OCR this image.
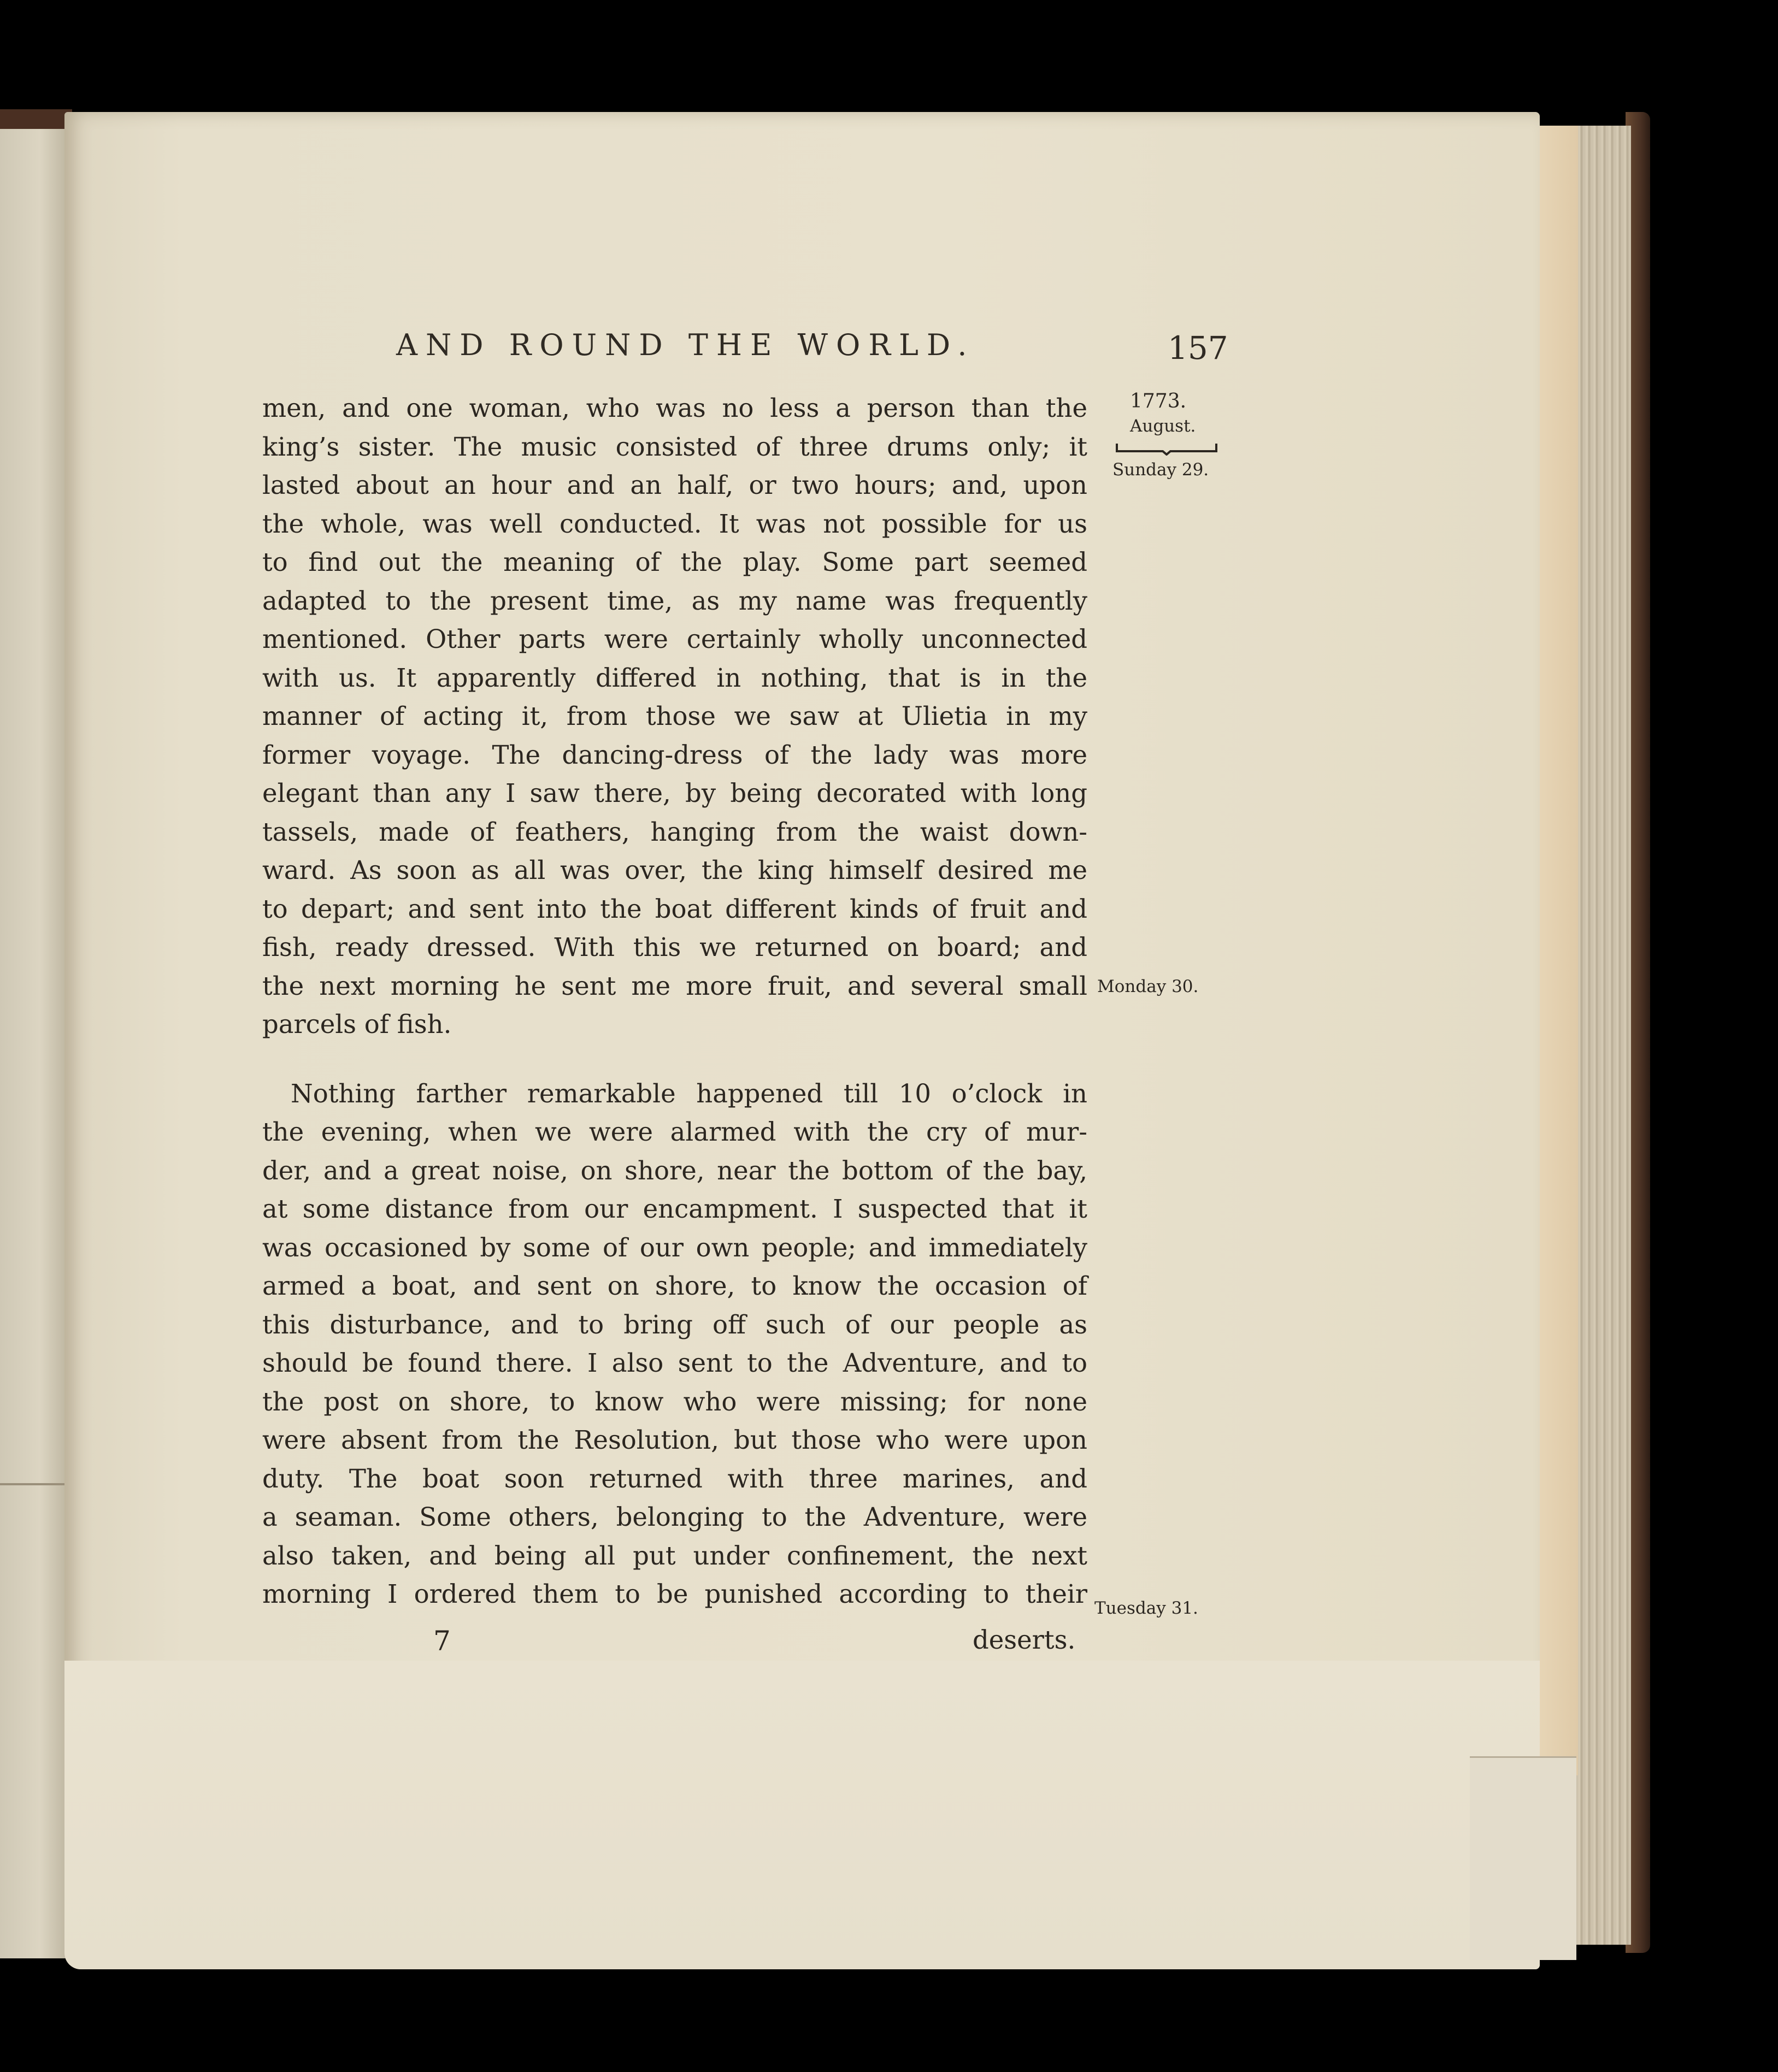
AND ROUND THE WORLD.	157
1773.
August.
Sunday 29.
Monday 30.
Tuesday 31.
men, and one woman, who was no less a person than the
king’s sister. The music consisted of three drums only; it
lasted about an hour and an half, or two hours; and, upon
the whole, was well conducted. It was not possible for us
to find out the meaning of the play. Some part seemed
adapted to the present time, as my name was frequently
mentioned. Other parts were certainly wholly unconnected
with us. It apparently differed in nothing, that is in the
manner of acting it, from those we saw at Ulietia in my
former voyage. The dancing-dress of the lady was more
elegant than any I saw there, by being decorated with long
tassels, made of feathers, hanging from the waist down-
ward. As soon as all was over, the king himself desired me
to depart; and sent into the boat different kinds of fruit and
fish, ready dressed. With this we returned on board; and
the next morning he sent me more fruit, and several small
parcels of fish.
Nothing farther remarkable happened till 10 o’clock in
the evening, when we were alarmed with the cry of mur-
der, and a great noise, on shore, near the bottom of the bay,
at some distance from our encampment. I suspected that it
was occasioned by some of our own people; and immediately
armed a boat, and sent on shore, to know the occasion of
this disturbance, and to bring off such of our people as
should be found there. I also sent to the Adventure, and to
the post on shore, to know who were missing; for none
were absent from the Resolution, but those who were upon
duty. The boat soon returned with three marines, and
a seaman. Some others, belonging to the Adventure, were
also taken, and being all put under confinement, the next
morning I ordered them to be punished according to their
7	deserts.
